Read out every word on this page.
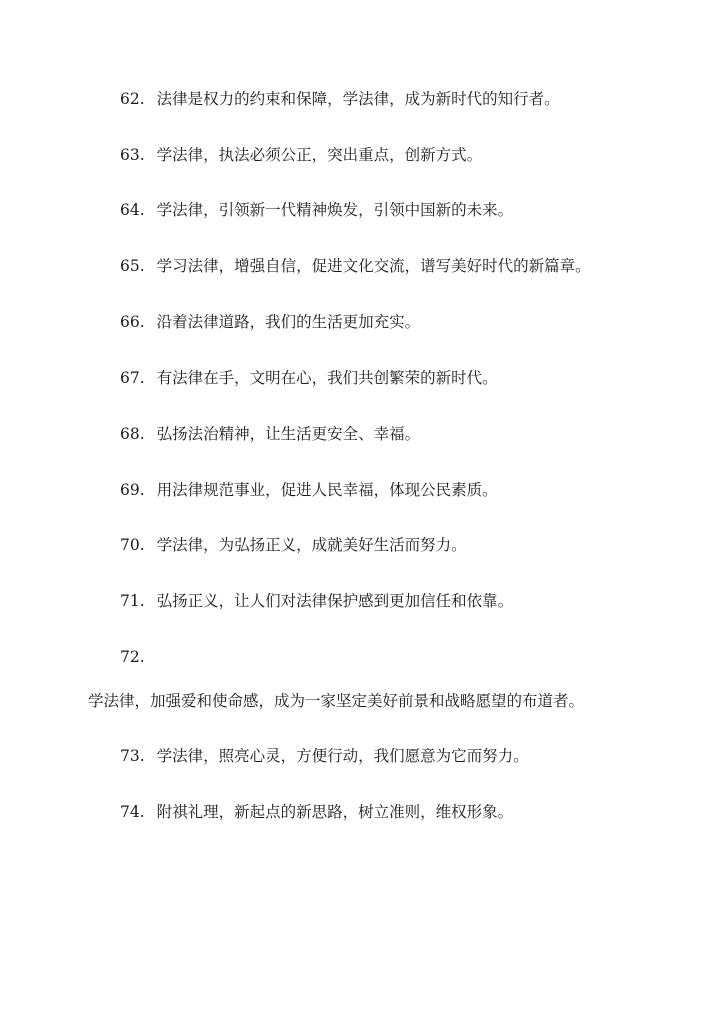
62. 法律是权力的约束和保障，学法律，成为新时代的知行者。
63. 学法律，执法必须公正，突出重点，创新方式。
64. 学法律，引领新一代精神焕发，引领中国新的未来。
65. 学习法律，增强自信，促进文化交流，谱写美好时代的新篇章。
66. 沿着法律道路，我们的生活更加充实。
67. 有法律在手，文明在心，我们共创繁荣的新时代。
68. 弘扬法治精神，让生活更安全、幸福。
69. 用法律规范事业，促进人民幸福，体现公民素质。
70. 学法律，为弘扬正义，成就美好生活而努力。
71. 弘扬正义，让人们对法律保护感到更加信任和依靠。
72.
学法律，加强爱和使命感，成为一家坚定美好前景和战略愿望的布道者。
73. 学法律，照亮心灵，方便行动，我们愿意为它而努力。
74. 附祺礼理，新起点的新思路，树立准则，维权形象。
